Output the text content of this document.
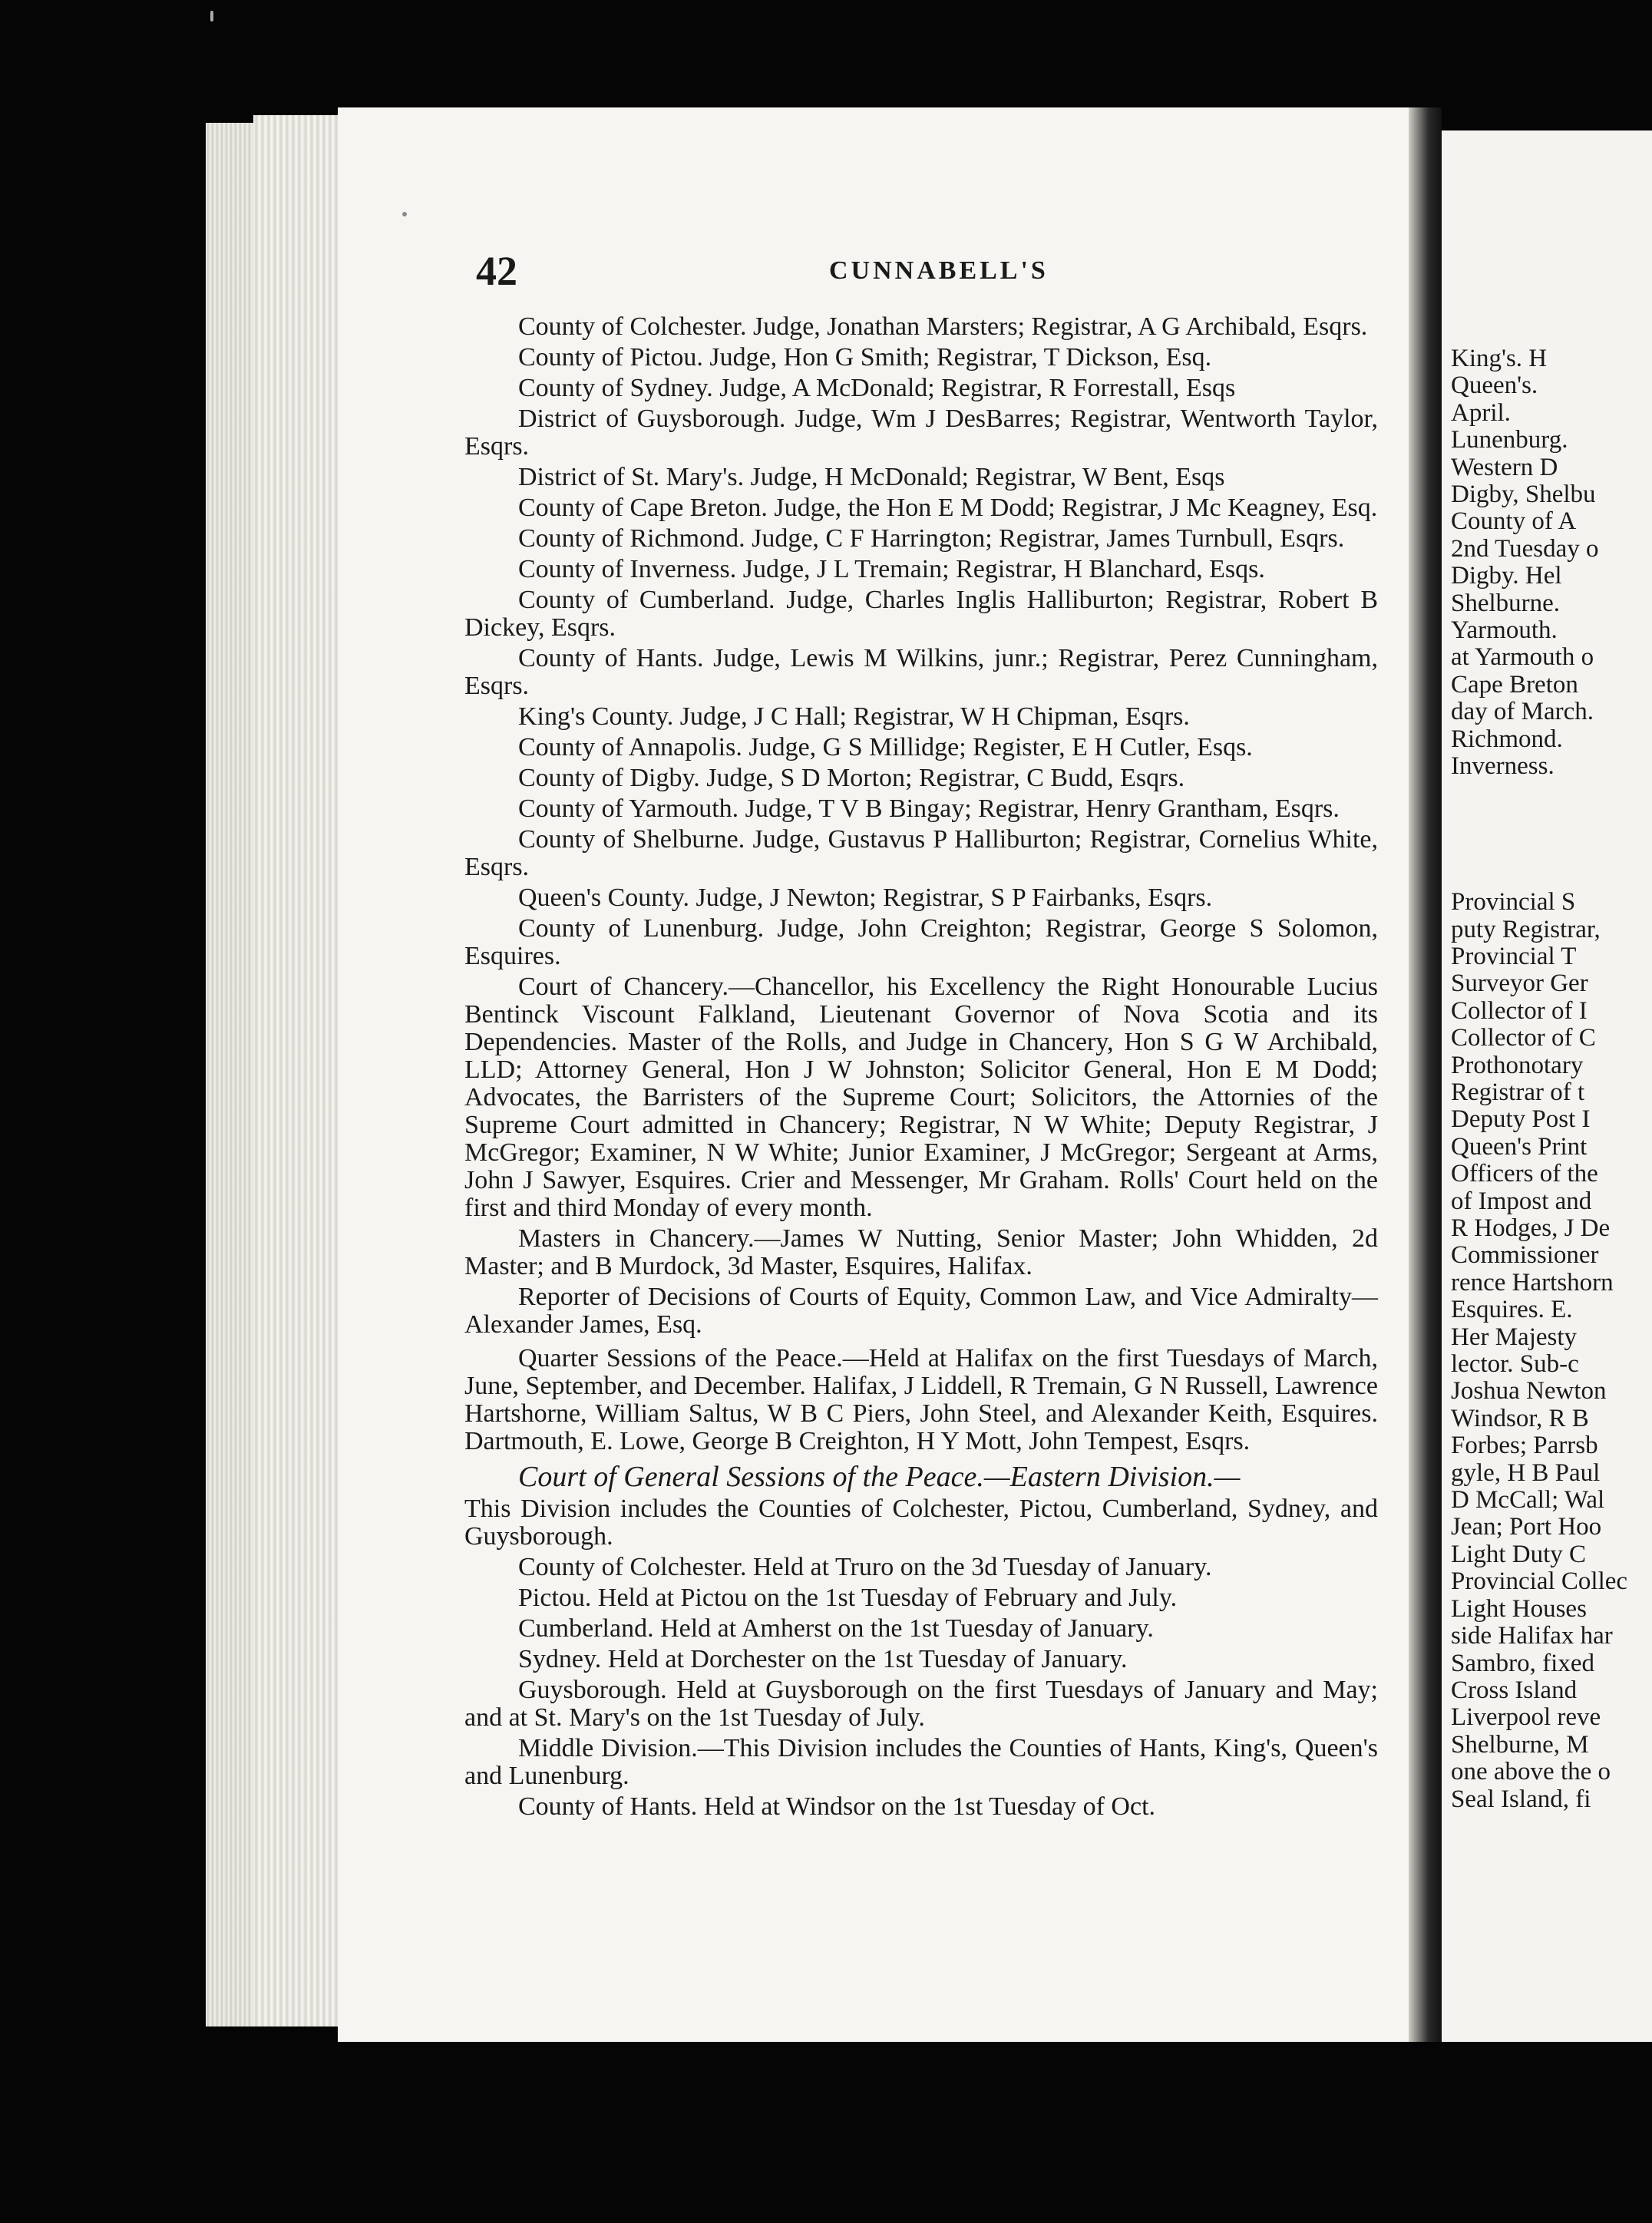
King's. H
Queen's.
April.
Lunenburg.
Western D
Digby, Shelbu
County of A
2nd Tuesday o
Digby. Hel
Shelburne.
Yarmouth.
at Yarmouth o
Cape Breton
day of March.
Richmond.
Inverness.

Provincial S
puty Registrar,
Provincial T
Surveyor Ger
Collector of I
Collector of C
Prothonotary
Registrar of t
Deputy Post I
Queen's Print
Officers of the
of Impost and
R Hodges, J De
Commissioner
rence Hartshorn
Esquires. E.
Her Majesty
lector. Sub-c
Joshua Newton
Windsor, R B
Forbes; Parrsb
gyle, H B Paul
D McCall; Wal
Jean; Port Hoo
Light Duty C
Provincial Collec
Light Houses
side Halifax har
Sambro, fixed
Cross Island
Liverpool reve
Shelburne, M
one above the o
Seal Island, fi
42	CUNNABELL'S

County of Colchester. Judge, Jonathan Marsters; Registrar, A G Archibald, Esqrs.

County of Pictou. Judge, Hon G Smith; Registrar, T Dickson, Esq.

County of Sydney. Judge, A McDonald; Registrar, R Forrestall, Esqs

District of Guysborough. Judge, Wm J DesBarres; Registrar, Wentworth Taylor, Esqrs.

District of St. Mary's. Judge, H McDonald; Registrar, W Bent, Esqs

County of Cape Breton. Judge, the Hon E M Dodd; Registrar, J Mc Keagney, Esq.

County of Richmond. Judge, C F Harrington; Registrar, James Turnbull, Esqrs.

County of Inverness. Judge, J L Tremain; Registrar, H Blanchard, Esqs.

County of Cumberland. Judge, Charles Inglis Halliburton; Registrar, Robert B Dickey, Esqrs.

County of Hants. Judge, Lewis M Wilkins, junr.; Registrar, Perez Cunningham, Esqrs.

King's County. Judge, J C Hall; Registrar, W H Chipman, Esqrs.

County of Annapolis. Judge, G S Millidge; Register, E H Cutler, Esqs.

County of Digby. Judge, S D Morton; Registrar, C Budd, Esqrs.

County of Yarmouth. Judge, T V B Bingay; Registrar, Henry Grantham, Esqrs.

County of Shelburne. Judge, Gustavus P Halliburton; Registrar, Cornelius White, Esqrs.

Queen's County. Judge, J Newton; Registrar, S P Fairbanks, Esqrs.

County of Lunenburg. Judge, John Creighton; Registrar, George S Solomon, Esquires.

Court of Chancery.—Chancellor, his Excellency the Right Honourable Lucius Bentinck Viscount Falkland, Lieutenant Governor of Nova Scotia and its Dependencies. Master of the Rolls, and Judge in Chancery, Hon S G W Archibald, LLD; Attorney General, Hon J W Johnston; Solicitor General, Hon E M Dodd; Advocates, the Barristers of the Supreme Court; Solicitors, the Attornies of the Supreme Court admitted in Chancery; Registrar, N W White; Deputy Registrar, J McGregor; Examiner, N W White; Junior Examiner, J McGregor; Sergeant at Arms, John J Sawyer, Esquires. Crier and Messenger, Mr Graham. Rolls' Court held on the first and third Monday of every month.

Masters in Chancery.—James W Nutting, Senior Master; John Whidden, 2d Master; and B Murdock, 3d Master, Esquires, Halifax.

Reporter of Decisions of Courts of Equity, Common Law, and Vice Admiralty—Alexander James, Esq.

Quarter Sessions of the Peace.—Held at Halifax on the first Tuesdays of March, June, September, and December. Halifax, J Liddell, R Tremain, G N Russell, Lawrence Hartshorne, William Saltus, W B C Piers, John Steel, and Alexander Keith, Esquires. Dartmouth, E. Lowe, George B Creighton, H Y Mott, John Tempest, Esqrs.

Court of General Sessions of the Peace.—Eastern Division.—

This Division includes the Counties of Colchester, Pictou, Cumberland, Sydney, and Guysborough.

County of Colchester. Held at Truro on the 3d Tuesday of January.

Pictou. Held at Pictou on the 1st Tuesday of February and July.

Cumberland. Held at Amherst on the 1st Tuesday of January.

Sydney. Held at Dorchester on the 1st Tuesday of January.

Guysborough. Held at Guysborough on the first Tuesdays of January and May; and at St. Mary's on the 1st Tuesday of July.

Middle Division.—This Division includes the Counties of Hants, King's, Queen's and Lunenburg.

County of Hants. Held at Windsor on the 1st Tuesday of Oct.
